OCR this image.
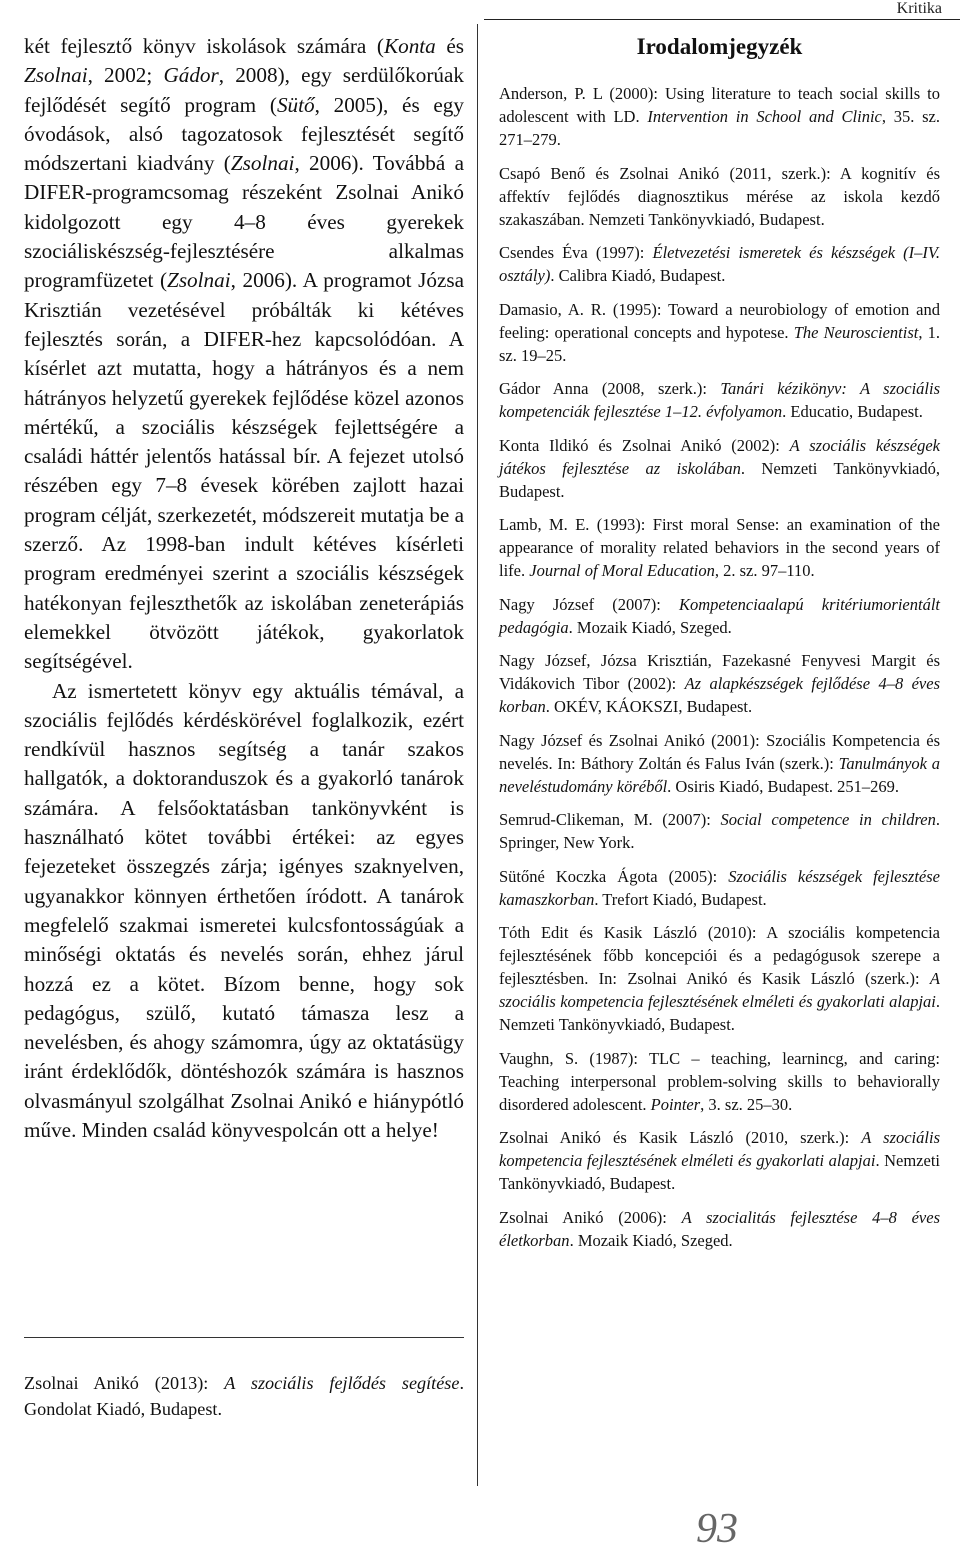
Kritika

két fejlesztő könyv iskolások számára (Konta és Zsolnai, 2002; Gádor, 2008), egy serdülőkorúak fejlődését segítő program (Sütő, 2005), és egy óvodások, alsó tagozatosok fejlesztését segítő módszertani kiadvány (Zsolnai, 2006). Továbbá a DIFER-programcsomag részeként Zsolnai Anikó kidolgozott egy 4‒8 éves gyerekek szociáliskészség-fejlesztésére alkalmas programfüzetet (Zsolnai, 2006). A programot Józsa Krisztián vezetésével próbálták ki kétéves fejlesztés során, a DIFER-hez kapcsolódóan. A kísérlet azt mutatta, hogy a hátrányos és a nem hátrányos helyzetű gyerekek fejlődése közel azonos mértékű, a szociális készségek fejlettségére a családi háttér jelentős hatással bír. A fejezet utolsó részében egy 7‒8 évesek körében zajlott hazai program célját, szerkezetét, módszereit mutatja be a szerző. Az 1998-ban indult kétéves kísérleti program eredményei szerint a szociális készségek hatékonyan fejleszthetők az iskolában zeneterápiás elemekkel ötvözött játékok, gyakorlatok segítségével.

Az ismertetett könyv egy aktuális témával, a szociális fejlődés kérdéskörével foglalkozik, ezért rendkívül hasznos segítség a tanár szakos hallgatók, a doktoranduszok és a gyakorló tanárok számára. A felsőoktatásban tankönyvként is használható kötet további értékei: az egyes fejezeteket összegzés zárja; igényes szaknyelven, ugyanakkor könnyen érthetően íródott. A tanárok megfelelő szakmai ismeretei kulcsfontosságúak a minőségi oktatás és nevelés során, ehhez járul hozzá ez a kötet. Bízom benne, hogy sok pedagógus, szülő, kutató támasza lesz a nevelésben, és ahogy számomra, úgy az oktatásügy iránt érdeklődők, döntéshozók számára is hasznos olvasmányul szolgálhat Zsolnai Anikó e hiánypótló műve. Minden család könyvespolcán ott a helye!

Zsolnai Anikó (2013): A szociális fejlődés segítése. Gondolat Kiadó, Budapest.
Irodalomjegyzék
Anderson, P. L (2000): Using literature to teach social skills to adolescent with LD. Intervention in School and Clinic, 35. sz. 271‒279.
Csapó Benő és Zsolnai Anikó (2011, szerk.): A kognitív és affektív fejlődés diagnosztikus mérése az iskola kezdő szakaszában. Nemzeti Tankönyvkiadó, Budapest.
Csendes Éva (1997): Életvezetési ismeretek és készségek (I‒IV. osztály). Calibra Kiadó, Budapest.
Damasio, A. R. (1995): Toward a neurobiology of emotion and feeling: operational concepts and hypotese. The Neuroscientist, 1. sz. 19‒25.
Gádor Anna (2008, szerk.): Tanári kézikönyv: A szociális kompetenciák fejlesztése 1‒12. évfolyamon. Educatio, Budapest.
Konta Ildikó és Zsolnai Anikó (2002): A szociális készségek játékos fejlesztése az iskolában. Nemzeti Tankönyvkiadó, Budapest.
Lamb, M. E. (1993): First moral Sense: an examination of the appearance of morality related behaviors in the second years of life. Journal of Moral Education, 2. sz. 97‒110.
Nagy József (2007): Kompetenciaalapú kritériumorientált pedagógia. Mozaik Kiadó, Szeged.
Nagy József, Józsa Krisztián, Fazekasné Fenyvesi Margit és Vidákovich Tibor (2002): Az alapkészségek fejlődése 4‒8 éves korban. OKÉV, KÁOKSZI, Budapest.
Nagy József és Zsolnai Anikó (2001): Szociális Kompetencia és nevelés. In: Báthory Zoltán és Falus Iván (szerk.): Tanulmányok a neveléstudomány köréből. Osiris Kiadó, Budapest. 251‒269.
Semrud-Clikeman, M. (2007): Social competence in children. Springer, New York.
Sütőné Koczka Ágota (2005): Szociális készségek fejlesztése kamaszkorban. Trefort Kiadó, Budapest.
Tóth Edit és Kasik László (2010): A szociális kompetencia fejlesztésének főbb koncepciói és a pedagógusok szerepe a fejlesztésben. In: Zsolnai Anikó és Kasik László (szerk.): A szociális kompetencia fejlesztésének elméleti és gyakorlati alapjai. Nemzeti Tankönyvkiadó, Budapest.
Vaughn, S. (1987): TLC ‒ teaching, learnincg, and caring: Teaching interpersonal problem-solving skills to behaviorally disordered adolescent. Pointer, 3. sz. 25‒30.
Zsolnai Anikó és Kasik László (2010, szerk.): A szociális kompetencia fejlesztésének elméleti és gyakorlati alapjai. Nemzeti Tankönyvkiadó, Budapest.
Zsolnai Anikó (2006): A szocialitás fejlesztése 4‒8 éves életkorban. Mozaik Kiadó, Szeged.
93
